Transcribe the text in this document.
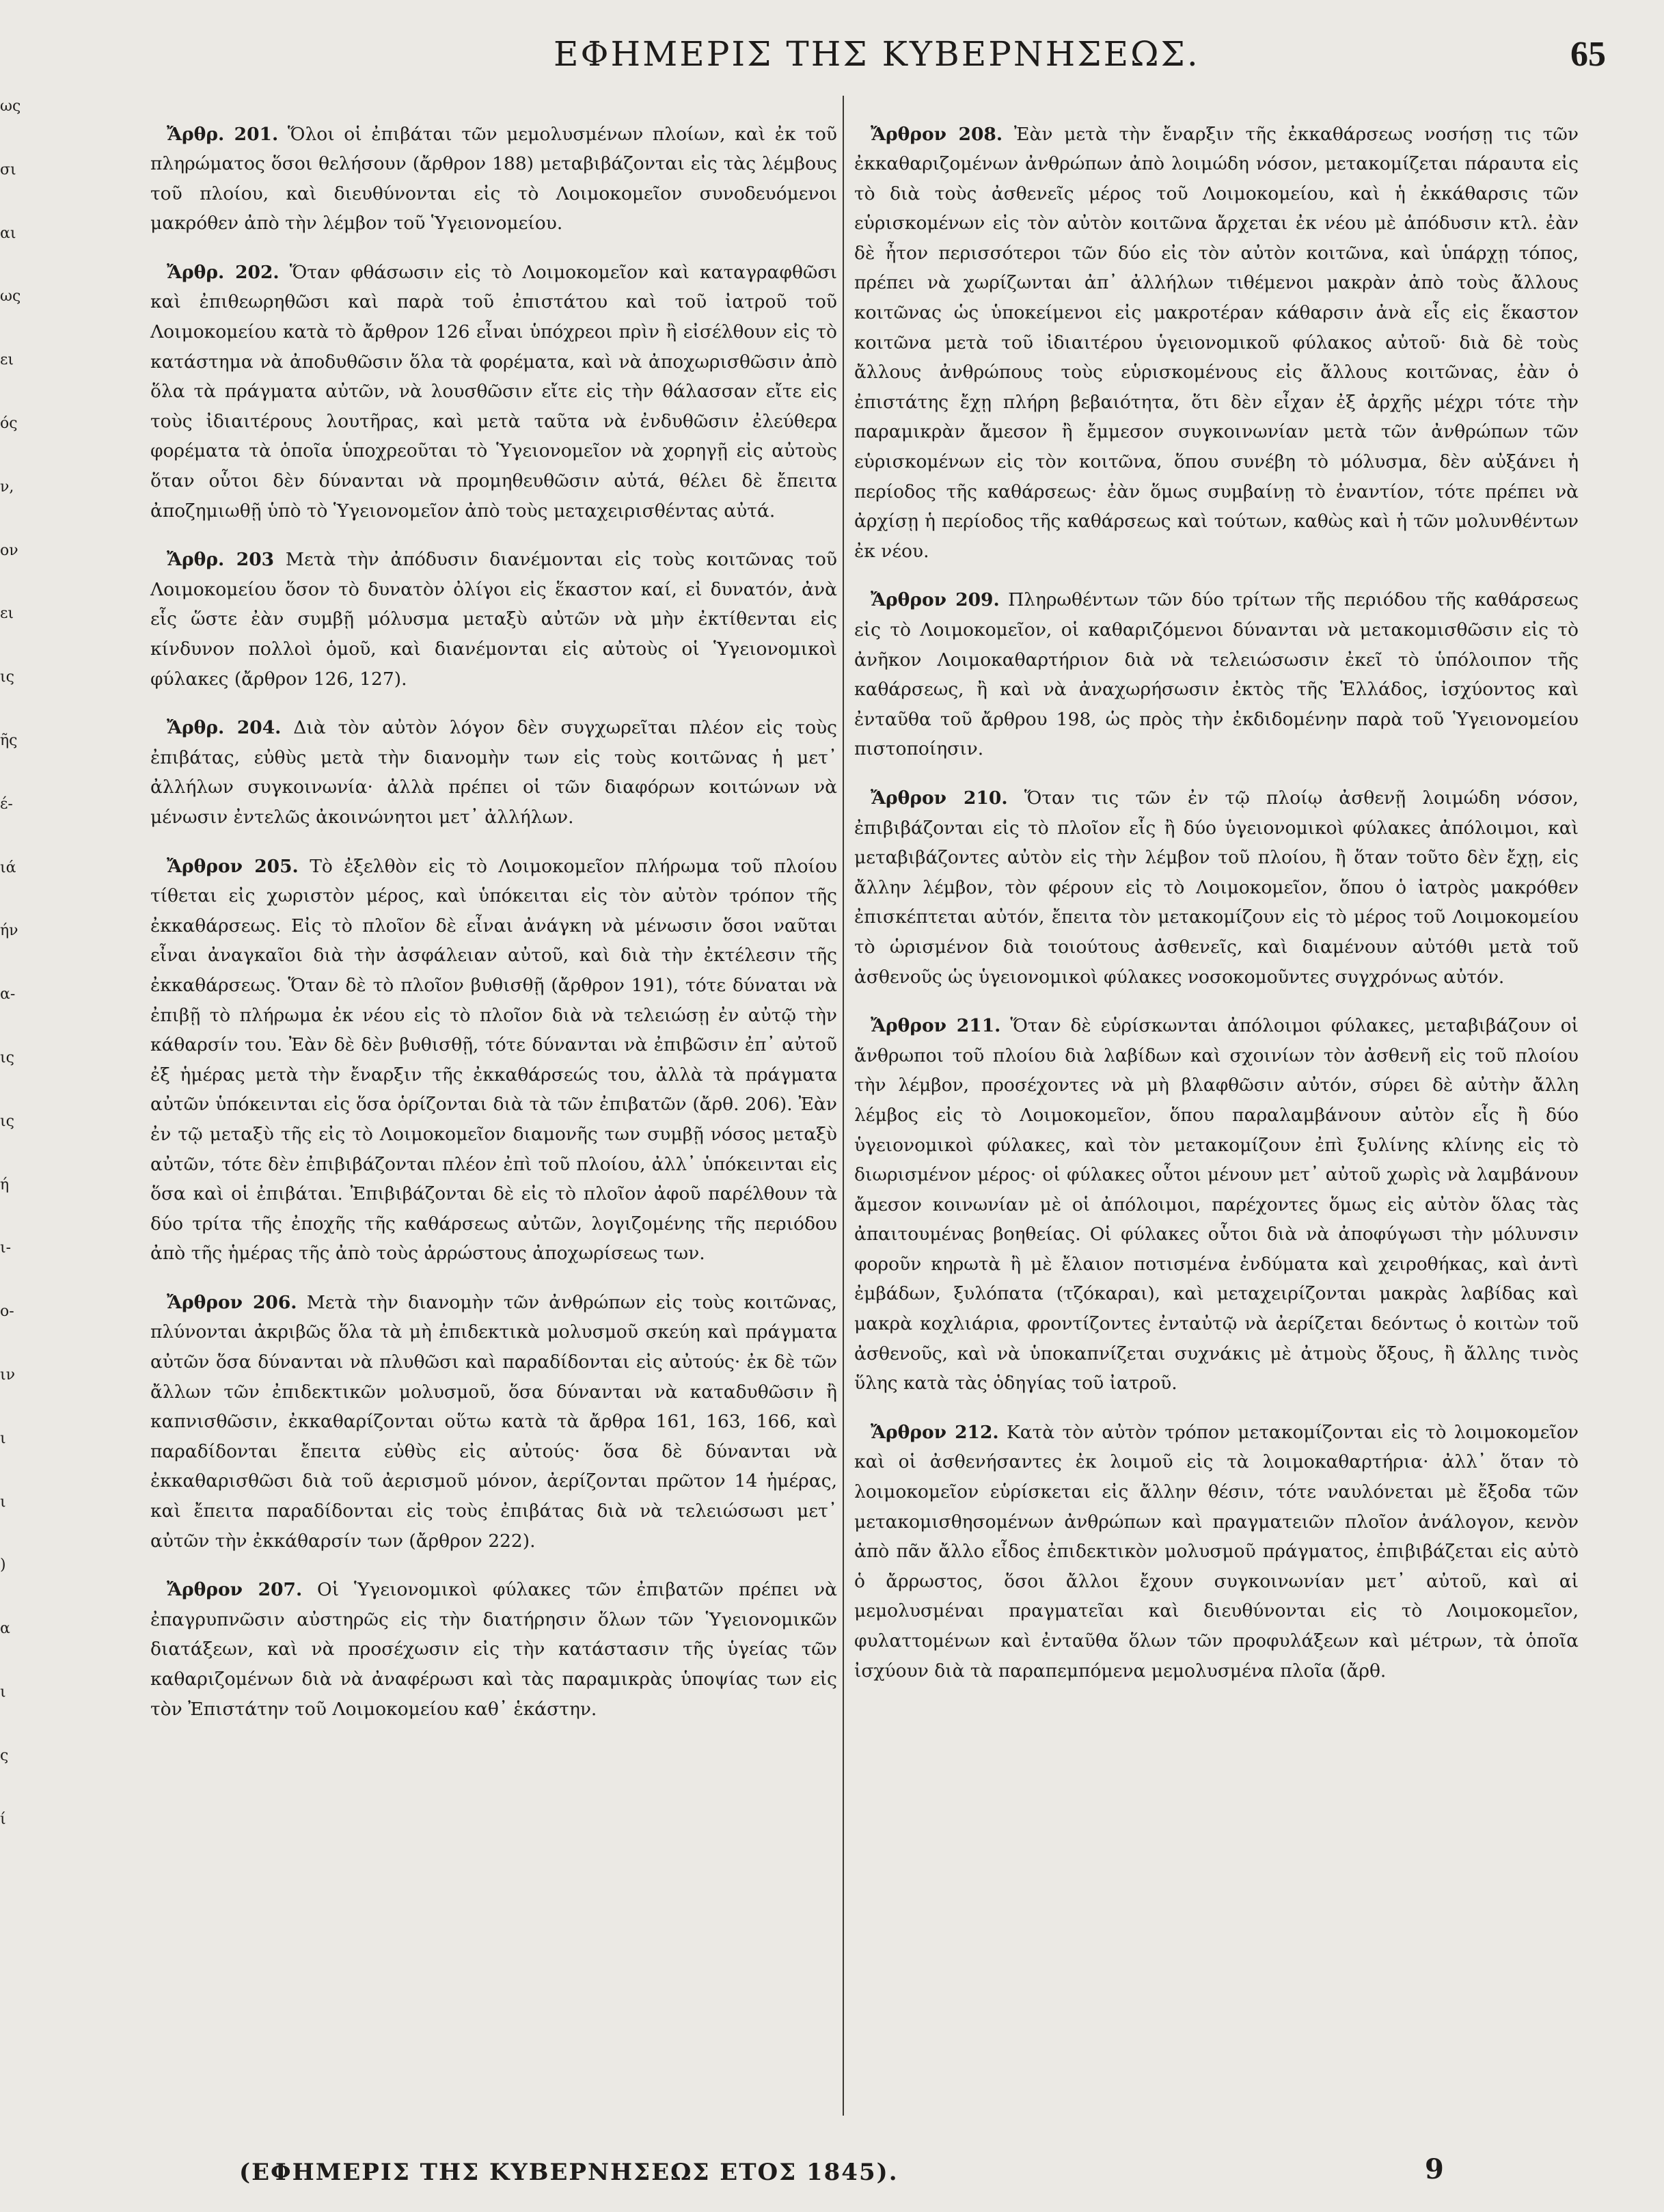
ως
σι
αι
ως
ει
ός
ν,
ον
ει
ις
ῆς
έ-
ιά
ήν
α-
ις
ις
ή
ι-
ο-
ιν
ι
ι
)
α
ι
ς
ί
ΕΦΗΜΕΡΙΣ ΤΗΣ ΚΥΒΕΡΝΗΣΕΩΣ.	65

Ἄρθρ. 201. Ὅλοι οἱ ἐπιβάται τῶν μεμολυσμένων πλοίων, καὶ ἐκ τοῦ πληρώματος ὅσοι θελήσουν (ἄρθρον 188) μεταβιβάζονται εἰς τὰς λέμβους τοῦ πλοίου, καὶ διευθύνονται εἰς τὸ Λοιμοκομεῖον συνοδευόμενοι μακρόθεν ἀπὸ τὴν λέμβον τοῦ Ὑγειονομείου.

Ἄρθρ. 202. Ὅταν φθάσωσιν εἰς τὸ Λοιμοκομεῖον καὶ καταγραφθῶσι καὶ ἐπιθεωρηθῶσι καὶ παρὰ τοῦ ἐπιστάτου καὶ τοῦ ἰατροῦ τοῦ Λοιμοκομείου κατὰ τὸ ἄρθρον 126 εἶναι ὑπόχρεοι πρὶν ἢ εἰσέλθουν εἰς τὸ κατάστημα νὰ ἀποδυθῶσιν ὅλα τὰ φορέματα, καὶ νὰ ἀποχωρισθῶσιν ἀπὸ ὅλα τὰ πράγματα αὐτῶν, νὰ λουσθῶσιν εἴτε εἰς τὴν θάλασσαν εἴτε εἰς τοὺς ἰδιαιτέρους λουτῆρας, καὶ μετὰ ταῦτα νὰ ἐνδυθῶσιν ἐλεύθερα φορέματα τὰ ὁποῖα ὑποχρεοῦται τὸ Ὑγειονομεῖον νὰ χορηγῇ εἰς αὐτοὺς ὅταν οὗτοι δὲν δύνανται νὰ προμηθευθῶσιν αὐτά, θέλει δὲ ἔπειτα ἀποζημιωθῇ ὑπὸ τὸ Ὑγειονομεῖον ἀπὸ τοὺς μεταχειρισθέντας αὐτά.

Ἄρθρ. 203 Μετὰ τὴν ἀπόδυσιν διανέμονται εἰς τοὺς κοιτῶνας τοῦ Λοιμοκομείου ὅσον τὸ δυνατὸν ὀλίγοι εἰς ἕκαστον καί, εἰ δυνατόν, ἀνὰ εἷς ὥστε ἐὰν συμβῇ μόλυσμα μεταξὺ αὐτῶν νὰ μὴν ἐκτίθενται εἰς κίνδυνον πολλοὶ ὁμοῦ, καὶ διανέμονται εἰς αὐτοὺς οἱ Ὑγειονομικοὶ φύλακες (ἄρθρον 126, 127).

Ἄρθρ. 204. Διὰ τὸν αὐτὸν λόγον δὲν συγχωρεῖται πλέον εἰς τοὺς ἐπιβάτας, εὐθὺς μετὰ τὴν διανομὴν των εἰς τοὺς κοιτῶνας ἡ μετ᾽ ἀλλήλων συγκοινωνία· ἀλλὰ πρέπει οἱ τῶν διαφόρων κοιτώνων νὰ μένωσιν ἐντελῶς ἀκοινώνητοι μετ᾽ ἀλλήλων.

Ἄρθρον 205. Τὸ ἐξελθὸν εἰς τὸ Λοιμοκομεῖον πλήρωμα τοῦ πλοίου τίθεται εἰς χωριστὸν μέρος, καὶ ὑπόκειται εἰς τὸν αὐτὸν τρόπον τῆς ἐκκαθάρσεως. Εἰς τὸ πλοῖον δὲ εἶναι ἀνάγκη νὰ μένωσιν ὅσοι ναῦται εἶναι ἀναγκαῖοι διὰ τὴν ἀσφάλειαν αὐτοῦ, καὶ διὰ τὴν ἐκτέλεσιν τῆς ἐκκαθάρσεως. Ὅταν δὲ τὸ πλοῖον βυθισθῇ (ἄρθρον 191), τότε δύναται νὰ ἐπιβῇ τὸ πλήρωμα ἐκ νέου εἰς τὸ πλοῖον διὰ νὰ τελειώσῃ ἐν αὐτῷ τὴν κάθαρσίν του. Ἐὰν δὲ δὲν βυθισθῇ, τότε δύνανται νὰ ἐπιβῶσιν ἐπ᾽ αὐτοῦ ἐξ ἡμέρας μετὰ τὴν ἔναρξιν τῆς ἐκκαθάρσεώς του, ἀλλὰ τὰ πράγματα αὐτῶν ὑπόκεινται εἰς ὅσα ὁρίζονται διὰ τὰ τῶν ἐπιβατῶν (ἄρθ. 206). Ἐὰν ἐν τῷ μεταξὺ τῆς εἰς τὸ Λοιμοκομεῖον διαμονῆς των συμβῇ νόσος μεταξὺ αὐτῶν, τότε δὲν ἐπιβιβάζονται πλέον ἐπὶ τοῦ πλοίου, ἀλλ᾽ ὑπόκεινται εἰς ὅσα καὶ οἱ ἐπιβάται. Ἐπιβιβάζονται δὲ εἰς τὸ πλοῖον ἀφοῦ παρέλθουν τὰ δύο τρίτα τῆς ἐποχῆς τῆς καθάρσεως αὐτῶν, λογιζομένης τῆς περιόδου ἀπὸ τῆς ἡμέρας τῆς ἀπὸ τοὺς ἀρρώστους ἀποχωρίσεως των.

Ἄρθρον 206. Μετὰ τὴν διανομὴν τῶν ἀνθρώπων εἰς τοὺς κοιτῶνας, πλύνονται ἀκριβῶς ὅλα τὰ μὴ ἐπιδεκτικὰ μολυσμοῦ σκεύη καὶ πράγματα αὐτῶν ὅσα δύνανται νὰ πλυθῶσι καὶ παραδίδονται εἰς αὐτούς· ἐκ δὲ τῶν ἄλλων τῶν ἐπιδεκτικῶν μολυσμοῦ, ὅσα δύνανται νὰ καταδυθῶσιν ἢ καπνισθῶσιν, ἐκκαθαρίζονται οὕτω κατὰ τὰ ἄρθρα 161, 163, 166, καὶ παραδίδονται ἔπειτα εὐθὺς εἰς αὐτούς· ὅσα δὲ δύνανται νὰ ἐκκαθαρισθῶσι διὰ τοῦ ἀερισμοῦ μόνον, ἀερίζονται πρῶτον 14 ἡμέρας, καὶ ἔπειτα παραδίδονται εἰς τοὺς ἐπιβάτας διὰ νὰ τελειώσωσι μετ᾽ αὐτῶν τὴν ἐκκάθαρσίν των (ἄρθρον 222).

Ἄρθρον 207. Οἱ Ὑγειονομικοὶ φύλακες τῶν ἐπιβατῶν πρέπει νὰ ἐπαγρυπνῶσιν αὐστηρῶς εἰς τὴν διατήρησιν ὅλων τῶν Ὑγειονομικῶν διατάξεων, καὶ νὰ προσέχωσιν εἰς τὴν κατάστασιν τῆς ὑγείας τῶν καθαριζομένων διὰ νὰ ἀναφέρωσι καὶ τὰς παραμικρὰς ὑποψίας των εἰς τὸν Ἐπιστάτην τοῦ Λοιμοκομείου καθ᾽ ἑκάστην.

Ἄρθρον 208. Ἐὰν μετὰ τὴν ἔναρξιν τῆς ἐκκαθάρσεως νοσήσῃ τις τῶν ἐκκαθαριζομένων ἀνθρώπων ἀπὸ λοιμώδη νόσον, μετακομίζεται πάραυτα εἰς τὸ διὰ τοὺς ἀσθενεῖς μέρος τοῦ Λοιμοκομείου, καὶ ἡ ἐκκάθαρσις τῶν εὑρισκομένων εἰς τὸν αὐτὸν κοιτῶνα ἄρχεται ἐκ νέου μὲ ἀπόδυσιν κτλ. ἐὰν δὲ ἦτον περισσότεροι τῶν δύο εἰς τὸν αὐτὸν κοιτῶνα, καὶ ὑπάρχῃ τόπος, πρέπει νὰ χωρίζωνται ἀπ᾽ ἀλλήλων τιθέμενοι μακρὰν ἀπὸ τοὺς ἄλλους κοιτῶνας ὡς ὑποκείμενοι εἰς μακροτέραν κάθαρσιν ἀνὰ εἷς εἰς ἕκαστον κοιτῶνα μετὰ τοῦ ἰδιαιτέρου ὑγειονομικοῦ φύλακος αὐτοῦ· διὰ δὲ τοὺς ἄλλους ἀνθρώπους τοὺς εὑρισκομένους εἰς ἄλλους κοιτῶνας, ἐὰν ὁ ἐπιστάτης ἔχῃ πλήρη βεβαιότητα, ὅτι δὲν εἶχαν ἐξ ἀρχῆς μέχρι τότε τὴν παραμικρὰν ἄμεσον ἢ ἔμμεσον συγκοινωνίαν μετὰ τῶν ἀνθρώπων τῶν εὑρισκομένων εἰς τὸν κοιτῶνα, ὅπου συνέβη τὸ μόλυσμα, δὲν αὐξάνει ἡ περίοδος τῆς καθάρσεως· ἐὰν ὅμως συμβαίνῃ τὸ ἐναντίον, τότε πρέπει νὰ ἀρχίσῃ ἡ περίοδος τῆς καθάρσεως καὶ τούτων, καθὼς καὶ ἡ τῶν μολυνθέντων ἐκ νέου.

Ἄρθρον 209. Πληρωθέντων τῶν δύο τρίτων τῆς περιόδου τῆς καθάρσεως εἰς τὸ Λοιμοκομεῖον, οἱ καθαριζόμενοι δύνανται νὰ μετακομισθῶσιν εἰς τὸ ἀνῆκον Λοιμοκαθαρτήριον διὰ νὰ τελειώσωσιν ἐκεῖ τὸ ὑπόλοιπον τῆς καθάρσεως, ἢ καὶ νὰ ἀναχωρήσωσιν ἐκτὸς τῆς Ἑλλάδος, ἰσχύοντος καὶ ἐνταῦθα τοῦ ἄρθρου 198, ὡς πρὸς τὴν ἐκδιδομένην παρὰ τοῦ Ὑγειονομείου πιστοποίησιν.

Ἄρθρον 210. Ὅταν τις τῶν ἐν τῷ πλοίῳ ἀσθενῇ λοιμώδη νόσον, ἐπιβιβάζονται εἰς τὸ πλοῖον εἷς ἢ δύο ὑγειονομικοὶ φύλακες ἀπόλοιμοι, καὶ μεταβιβάζοντες αὐτὸν εἰς τὴν λέμβον τοῦ πλοίου, ἢ ὅταν τοῦτο δὲν ἔχῃ, εἰς ἄλλην λέμβον, τὸν φέρουν εἰς τὸ Λοιμοκομεῖον, ὅπου ὁ ἰατρὸς μακρόθεν ἐπισκέπτεται αὐτόν, ἔπειτα τὸν μετακομίζουν εἰς τὸ μέρος τοῦ Λοιμοκομείου τὸ ὡρισμένον διὰ τοιούτους ἀσθενεῖς, καὶ διαμένουν αὐτόθι μετὰ τοῦ ἀσθενοῦς ὡς ὑγειονομικοὶ φύλακες νοσοκομοῦντες συγχρόνως αὐτόν.

Ἄρθρον 211. Ὅταν δὲ εὑρίσκωνται ἀπόλοιμοι φύλακες, μεταβιβάζουν οἱ ἄνθρωποι τοῦ πλοίου διὰ λαβίδων καὶ σχοινίων τὸν ἀσθενῆ εἰς τοῦ πλοίου τὴν λέμβον, προσέχοντες νὰ μὴ βλαφθῶσιν αὐτόν, σύρει δὲ αὐτὴν ἄλλη λέμβος εἰς τὸ Λοιμοκομεῖον, ὅπου παραλαμβάνουν αὐτὸν εἷς ἢ δύο ὑγειονομικοὶ φύλακες, καὶ τὸν μετακομίζουν ἐπὶ ξυλίνης κλίνης εἰς τὸ διωρισμένον μέρος· οἱ φύλακες οὗτοι μένουν μετ᾽ αὐτοῦ χωρὶς νὰ λαμβάνουν ἄμεσον κοινωνίαν μὲ οἱ ἀπόλοιμοι, παρέχοντες ὅμως εἰς αὐτὸν ὅλας τὰς ἀπαιτουμένας βοηθείας. Οἱ φύλακες οὗτοι διὰ νὰ ἀποφύγωσι τὴν μόλυνσιν φοροῦν κηρωτὰ ἢ μὲ ἔλαιον ποτισμένα ἐνδύματα καὶ χειροθήκας, καὶ ἀντὶ ἐμβάδων, ξυλόπατα (τζόκαραι), καὶ μεταχειρίζονται μακρὰς λαβίδας καὶ μακρὰ κοχλιάρια, φροντίζοντες ἐνταὐτῷ νὰ ἀερίζεται δεόντως ὁ κοιτὼν τοῦ ἀσθενοῦς, καὶ νὰ ὑποκαπνίζεται συχνάκις μὲ ἀτμοὺς ὄξους, ἢ ἄλλης τινὸς ὕλης κατὰ τὰς ὁδηγίας τοῦ ἰατροῦ.

Ἄρθρον 212. Κατὰ τὸν αὐτὸν τρόπον μετακομίζονται εἰς τὸ λοιμοκομεῖον καὶ οἱ ἀσθενήσαντες ἐκ λοιμοῦ εἰς τὰ λοιμοκαθαρτήρια· ἀλλ᾽ ὅταν τὸ λοιμοκομεῖον εὑρίσκεται εἰς ἄλλην θέσιν, τότε ναυλόνεται μὲ ἔξοδα τῶν μετακομισθησομένων ἀνθρώπων καὶ πραγματειῶν πλοῖον ἀνάλογον, κενὸν ἀπὸ πᾶν ἄλλο εἶδος ἐπιδεκτικὸν μολυσμοῦ πράγματος, ἐπιβιβάζεται εἰς αὐτὸ ὁ ἄρρωστος, ὅσοι ἄλλοι ἔχουν συγκοινωνίαν μετ᾽ αὐτοῦ, καὶ αἱ μεμολυσμέναι πραγματεῖαι καὶ διευθύνονται εἰς τὸ Λοιμοκομεῖον, φυλαττομένων καὶ ἐνταῦθα ὅλων τῶν προφυλάξεων καὶ μέτρων, τὰ ὁποῖα ἰσχύουν διὰ τὰ παραπεμπόμενα μεμολυσμένα πλοῖα (ἄρθ.

(ΕΦΗΜΕΡΙΣ ΤΗΣ ΚΥΒΕΡΝΗΣΕΩΣ ΕΤΟΣ 1845).	9
